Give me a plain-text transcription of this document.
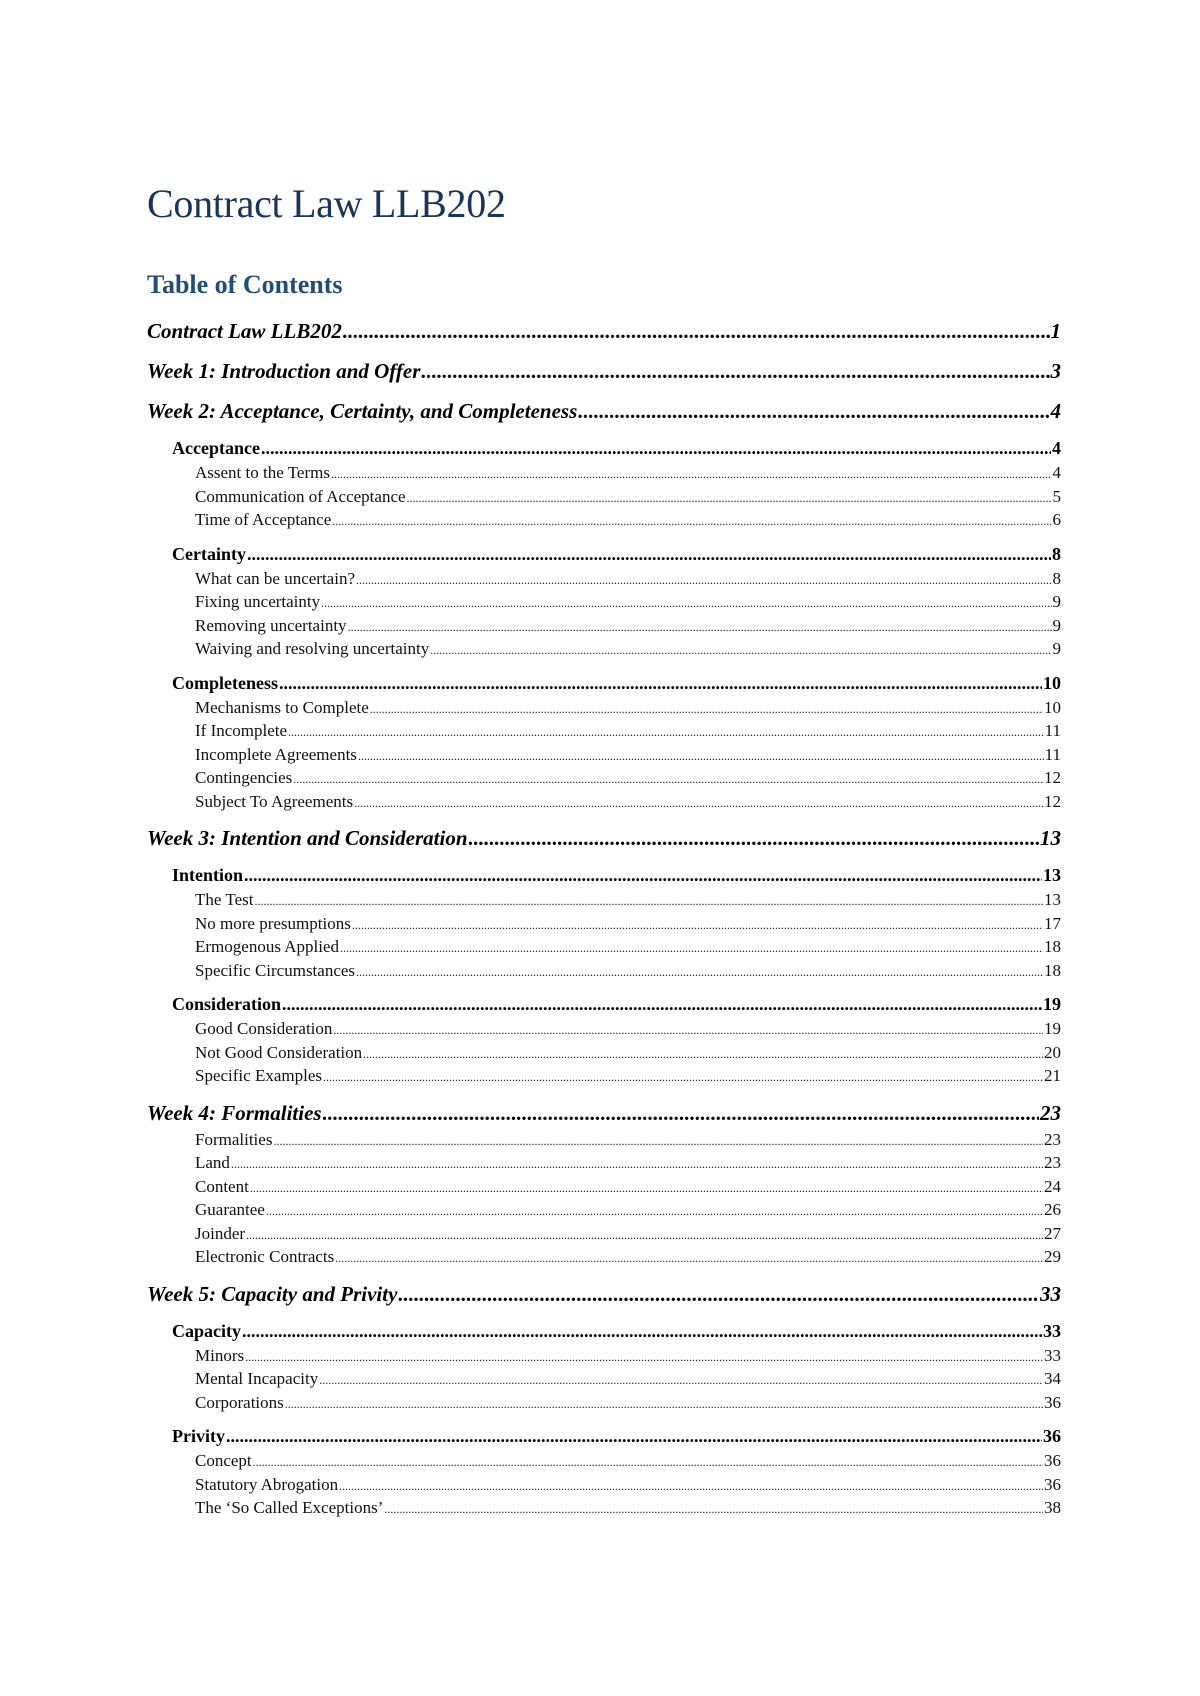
Contract Law LLB202
Table of Contents
Contract Law LLB202 .....	1
Week 1: Introduction and Offer .....	3
Week 2: Acceptance, Certainty, and Completeness .....	4
Acceptance .....	4
Assent to the Terms .....	4
Communication of Acceptance .....	5
Time of Acceptance .....	6
Certainty .....	8
What can be uncertain? .....	8
Fixing uncertainty .....	9
Removing uncertainty .....	9
Waiving and resolving uncertainty .....	9
Completeness .....	10
Mechanisms to Complete .....	10
If Incomplete .....	11
Incomplete Agreements .....	11
Contingencies .....	12
Subject To Agreements .....	12
Week 3: Intention and Consideration .....	13
Intention .....	13
The Test .....	13
No more presumptions .....	17
Ermogenous Applied .....	18
Specific Circumstances .....	18
Consideration .....	19
Good Consideration .....	19
Not Good Consideration .....	20
Specific Examples .....	21
Week 4: Formalities .....	23
Formalities .....	23
Land .....	23
Content .....	24
Guarantee .....	26
Joinder .....	27
Electronic Contracts .....	29
Week 5: Capacity and Privity .....	33
Capacity .....	33
Minors .....	33
Mental Incapacity .....	34
Corporations .....	36
Privity .....	36
Concept .....	36
Statutory Abrogation .....	36
The ‘So Called Exceptions’ .....	38
